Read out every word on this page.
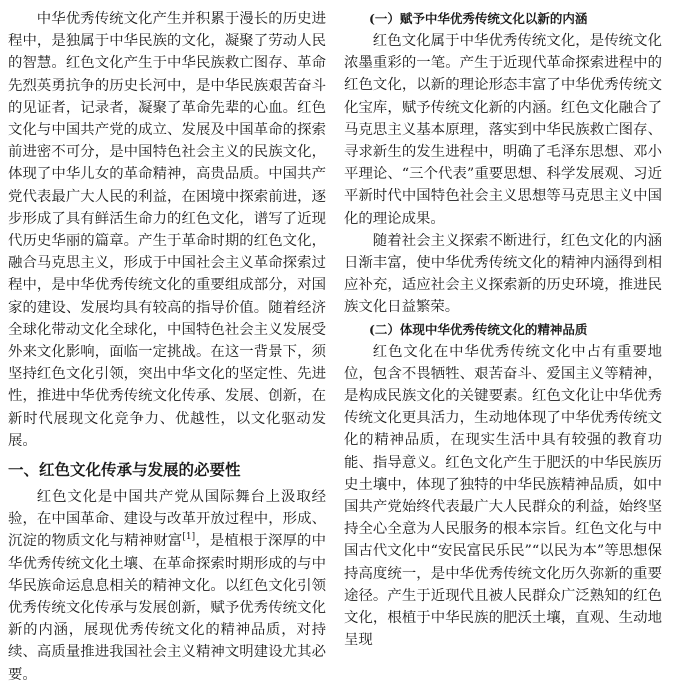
中华优秀传统文化产生并积累于漫长的历史进程中，是独属于中华民族的文化，凝聚了劳动人民的智慧。红色文化产生于中华民族救亡图存、革命先烈英勇抗争的历史长河中，是中华民族艰苦奋斗的见证者，记录者，凝聚了革命先辈的心血。红色文化与中国共产党的成立、发展及中国革命的探索前进密不可分，是中国特色社会主义的民族文化，体现了中华儿女的革命精神，高贵品质。中国共产党代表最广大人民的利益，在困境中探索前进，逐步形成了具有鲜活生命力的红色文化，谱写了近现代历史华丽的篇章。产生于革命时期的红色文化，融合马克思主义，形成于中国社会主义革命探索过程中，是中华优秀传统文化的重要组成部分，对国家的建设、发展均具有较高的指导价值。随着经济全球化带动文化全球化，中国特色社会主义发展受外来文化影响，面临一定挑战。在这一背景下，须坚持红色文化引领，突出中华文化的坚定性、先进性，推进中华优秀传统文化传承、发展、创新，在新时代展现文化竞争力、优越性，以文化驱动发展。

一、红色文化传承与发展的必要性

红色文化是中国共产党从国际舞台上汲取经验，在中国革命、建设与改革开放过程中，形成、沉淀的物质文化与精神财富[1]，是植根于深厚的中华优秀传统文化土壤、在革命探索时期形成的与中华民族命运息息相关的精神文化。以红色文化引领优秀传统文化传承与发展创新，赋予优秀传统文化新的内涵，展现优秀传统文化的精神品质，对持续、高质量推进我国社会主义精神文明建设尤其必要。

(一）赋予中华优秀传统文化以新的内涵

红色文化属于中华优秀传统文化，是传统文化浓墨重彩的一笔。产生于近现代革命探索进程中的红色文化，以新的理论形态丰富了中华优秀传统文化宝库，赋予传统文化新的内涵。红色文化融合了马克思主义基本原理，落实到中华民族救亡图存、寻求新生的发生进程中，明确了毛泽东思想、邓小平理论、“三个代表”重要思想、科学发展观、习近平新时代中国特色社会主义思想等马克思主义中国化的理论成果。

随着社会主义探索不断进行，红色文化的内涵日渐丰富，使中华优秀传统文化的精神内涵得到相应补充，适应社会主义探索新的历史环境，推进民族文化日益繁荣。

(二）体现中华优秀传统文化的精神品质

红色文化在中华优秀传统文化中占有重要地位，包含不畏牺牲、艰苦奋斗、爱国主义等精神，是构成民族文化的关键要素。红色文化让中华优秀传统文化更具活力，生动地体现了中华优秀传统文化的精神品质，在现实生活中具有较强的教育功能、指导意义。红色文化产生于肥沃的中华民族历史土壤中，体现了独特的中华民族精神品质，如中国共产党始终代表最广大人民群众的利益，始终坚持全心全意为人民服务的根本宗旨。红色文化与中国古代文化中“安民富民乐民”“以民为本”等思想保持高度统一，是中华优秀传统文化历久弥新的重要途径。产生于近现代且被人民群众广泛熟知的红色文化，根植于中华民族的肥沃土壤，直观、生动地呈现
